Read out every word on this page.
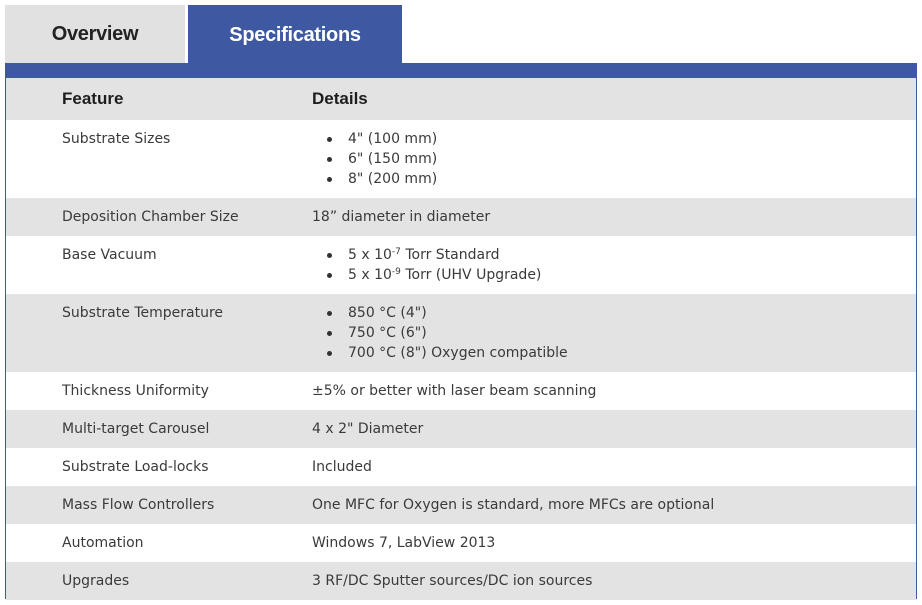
Overview	Specifications
Feature	Details
Substrate Sizes	4" (100 mm)
6" (150 mm)
8" (200 mm)
Deposition Chamber Size	18” diameter in diameter
Base Vacuum	5 x $10^{-7}$ Torr Standard
5 x $10^{-9}$ Torr (UHV Upgrade)
Substrate Temperature	850 °C (4")
750 °C (6")
700 °C (8") Oxygen compatible
Thickness Uniformity	±5% or better with laser beam scanning
Multi-target Carousel	4 x 2" Diameter
Substrate Load-locks	Included
Mass Flow Controllers	One MFC for Oxygen is standard, more MFCs are optional
Automation	Windows 7, LabView 2013
Upgrades	3 RF/DC Sputter sources/DC ion sources
